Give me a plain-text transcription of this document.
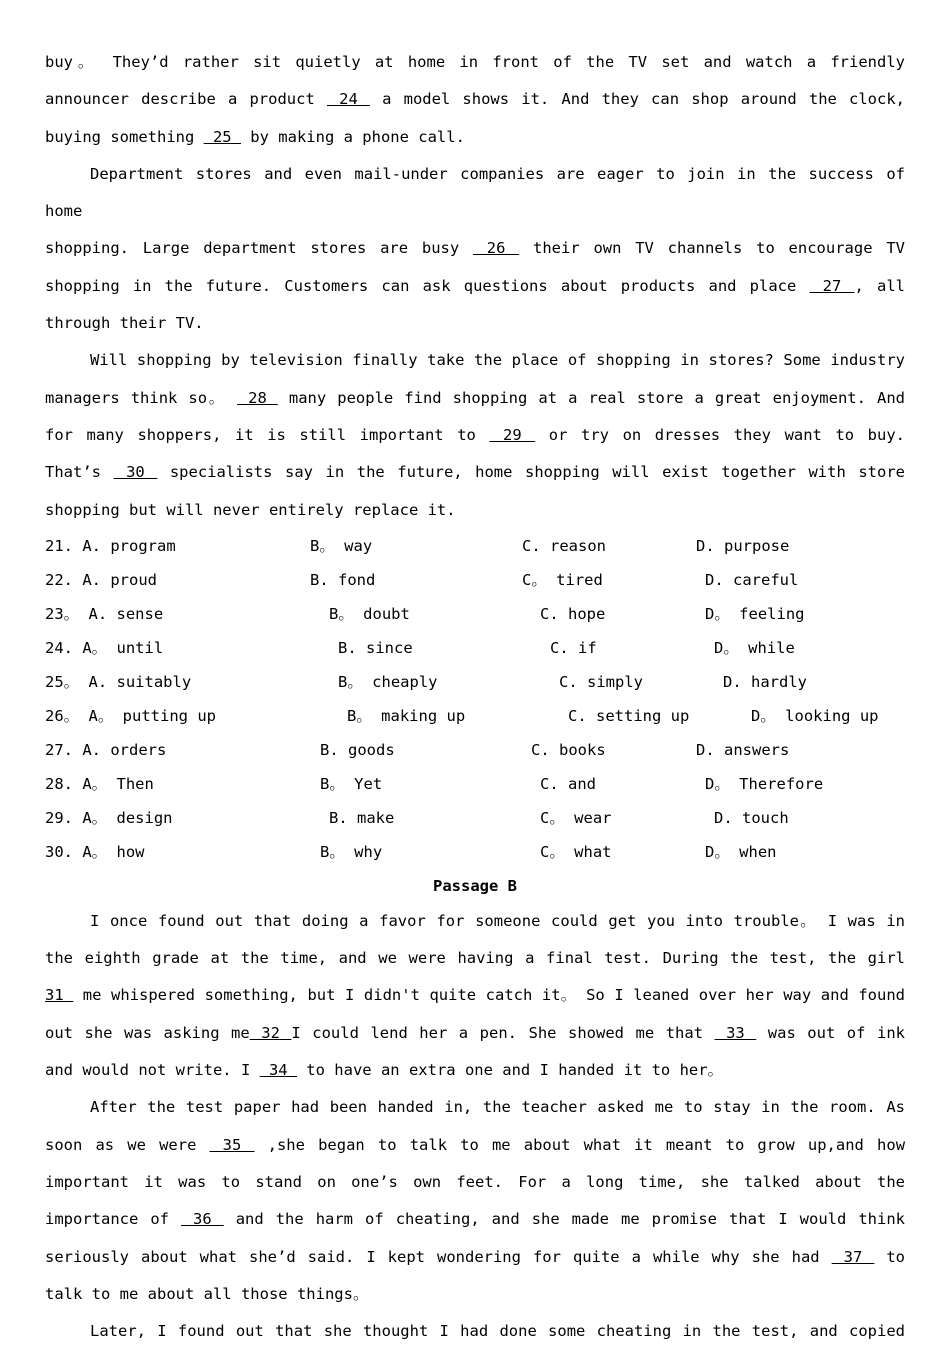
buy。 They’d rather sit quietly at home in front of the TV set and watch a friendly

announcer describe a product  24  a model shows it. And they can shop around the clock,

buying something  25  by making a phone call.

Department stores and even mail-under companies are eager to join in the success of home

shopping. Large department stores are busy  26  their own TV channels to encourage TV

shopping in the future. Customers can ask questions about products and place  27 , all

through their TV.

Will shopping by television finally take the place of shopping in stores? Some industry

managers think so。  28  many people find shopping at a real store a great enjoyment. And

for many shoppers, it is still important to  29  or try on dresses they want to buy.

That’s  30  specialists say in the future, home shopping will exist together with store

shopping but will never entirely replace it.

21. A. program	B。 way	C. reason	D. purpose
22. A. proud	B. fond	C。 tired	D. careful
23。 A. sense	B。 doubt	C. hope	D。 feeling
24. A。 until	B. since	C. if	D。 while
25。 A. suitably	B。 cheaply	C. simply	D. hardly
26。 A。 putting up	B。 making up	C. setting up	D。 looking up
27. A. orders	B. goods	C. books	D. answers
28. A。 Then	B。 Yet	C. and	D。 Therefore
29. A。 design	B. make	C。 wear	D. touch
30. A。 how	B。 why	C。 what	D。 when

Passage B

I once found out that doing a favor for someone could get you into trouble。 I was in

the eighth grade at the time, and we were having a final test. During the test, the girl

31  me whispered something, but I didn't quite catch it。 So I leaned over her way and found

out she was asking me 32 I could lend her a pen. She showed me that  33  was out of ink

and would not write. I  34  to have an extra one and I handed it to her。

After the test paper had been handed in, the teacher asked me to stay in the room. As

soon as we were  35  ,she began to talk to me about what it meant to grow up,and how

important it was to stand on one’s own feet. For a long time, she talked about the

importance of  36  and the harm of cheating, and she made me promise that I would think

seriously about what she’d said. I kept wondering for quite a while why she had  37  to

talk to me about all those things。

Later, I found out that she thought I had done some cheating in the test, and copied
